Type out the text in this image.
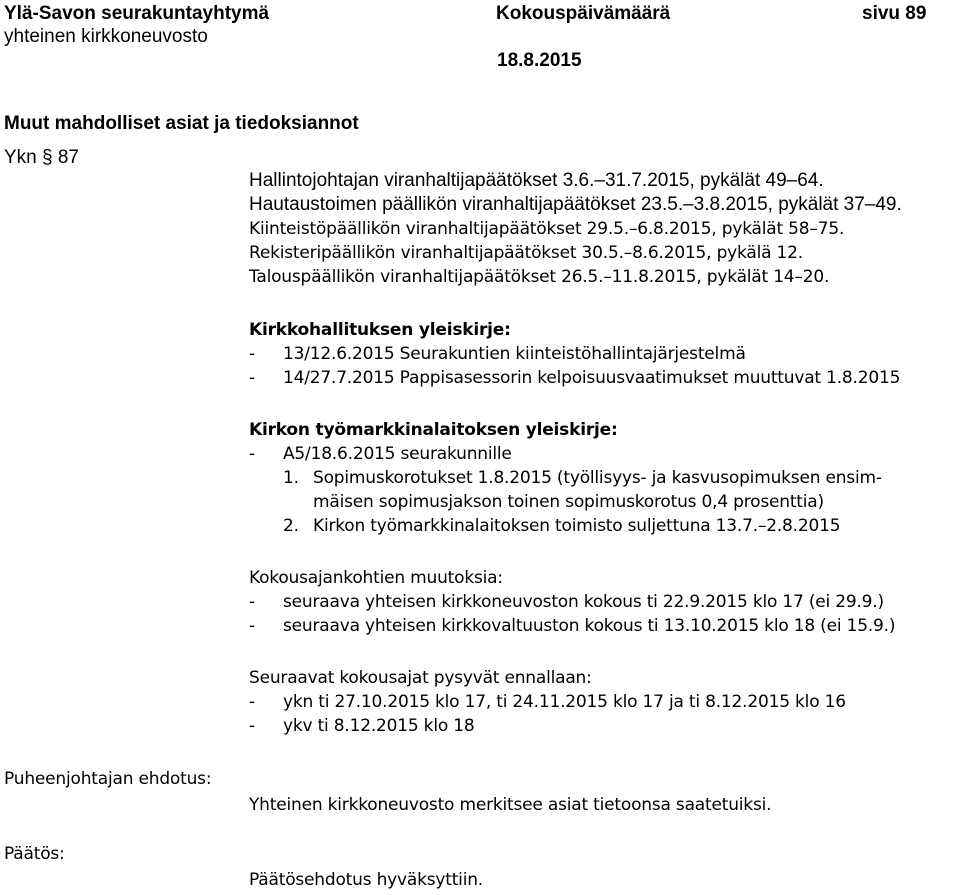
Ylä-Savon seurakuntayhtymä
yhteinen kirkkoneuvosto
Kokouspäivämäärä
18.8.2015
sivu 89
Muut mahdolliset asiat ja tiedoksiannot
Ykn § 87
Hallintojohtajan viranhaltijapäätökset 3.6.–31.7.2015, pykälät 49–64.
Hautaustoimen päällikön viranhaltijapäätökset 23.5.–3.8.2015, pykälät 37–49.
Kiinteistöpäällikön viranhaltijapäätökset 29.5.–6.8.2015, pykälät 58–75.
Rekisteripäällikön viranhaltijapäätökset 30.5.–8.6.2015, pykälä 12.
Talouspäällikön viranhaltijapäätökset 26.5.–11.8.2015, pykälät 14–20.
Kirkkohallituksen yleiskirje:
- 13/12.6.2015 Seurakuntien kiinteistöhallintajärjestelmä
- 14/27.7.2015 Pappisasessorin kelpoisuusvaatimukset muuttuvat 1.8.2015
Kirkon työmarkkinalaitoksen yleiskirje:
- A5/18.6.2015 seurakunnille
1. Sopimuskorotukset 1.8.2015 (työllisyys- ja kasvusopimuksen ensim-
mäisen sopimusjakson toinen sopimuskorotus 0,4 prosenttia)
2. Kirkon työmarkkinalaitoksen toimisto suljettuna 13.7.–2.8.2015
Kokousajankohtien muutoksia:
- seuraava yhteisen kirkkoneuvoston kokous ti 22.9.2015 klo 17 (ei 29.9.)
- seuraava yhteisen kirkkovaltuuston kokous ti 13.10.2015 klo 18 (ei 15.9.)
Seuraavat kokousajat pysyvät ennallaan:
- ykn ti 27.10.2015 klo 17, ti 24.11.2015 klo 17 ja ti 8.12.2015 klo 16
- ykv ti 8.12.2015 klo 18
Puheenjohtajan ehdotus:
Yhteinen kirkkoneuvosto merkitsee asiat tietoonsa saatetuiksi.
Päätös:
Päätösehdotus hyväksyttiin.
